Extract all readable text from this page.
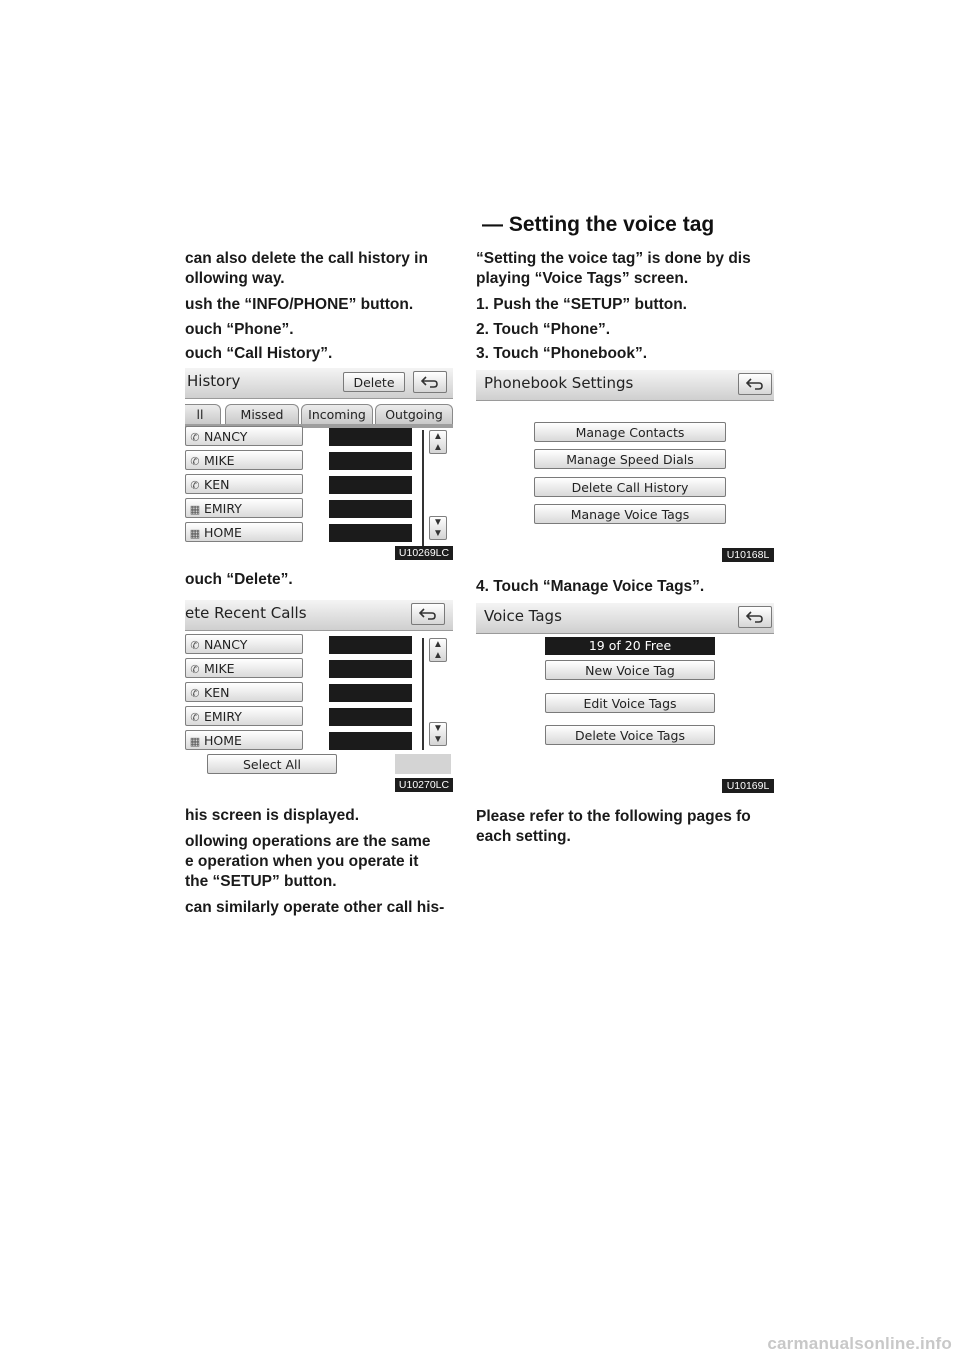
— Setting the voice tag
can also delete the call history in
ollowing way.
ush the “INFO/PHONE” button.
ouch “Phone”.
ouch “Call History”.
ouch “Delete”.
his screen is displayed.
ollowing operations are the same
e operation when you operate it
the “SETUP” button.
can similarly operate other call his-
History	Delete
ll	Missed	Incoming	Outgoing
✆ NANCY
✆ MIKE
✆ KEN
▦ EMIRY
▦ HOME
▲
▲
▼
▼
U10269LC
ete Recent Calls
✆ NANCY
✆ MIKE
✆ KEN
✆ EMIRY
▦ HOME
▲
▲
▼
▼
Select All
U10270LC
“Setting the voice tag” is done by dis
playing “Voice Tags” screen.
1. Push the “SETUP” button.
2. Touch “Phone”.
3. Touch “Phonebook”.
4. Touch “Manage Voice Tags”.
Please refer to the following pages fo
each setting.
Phonebook Settings
Manage Contacts
Manage Speed Dials
Delete Call History
Manage Voice Tags
U10168L
Voice Tags
19 of 20 Free
New Voice Tag
Edit Voice Tags
Delete Voice Tags
U10169L
carmanualsonline.info
